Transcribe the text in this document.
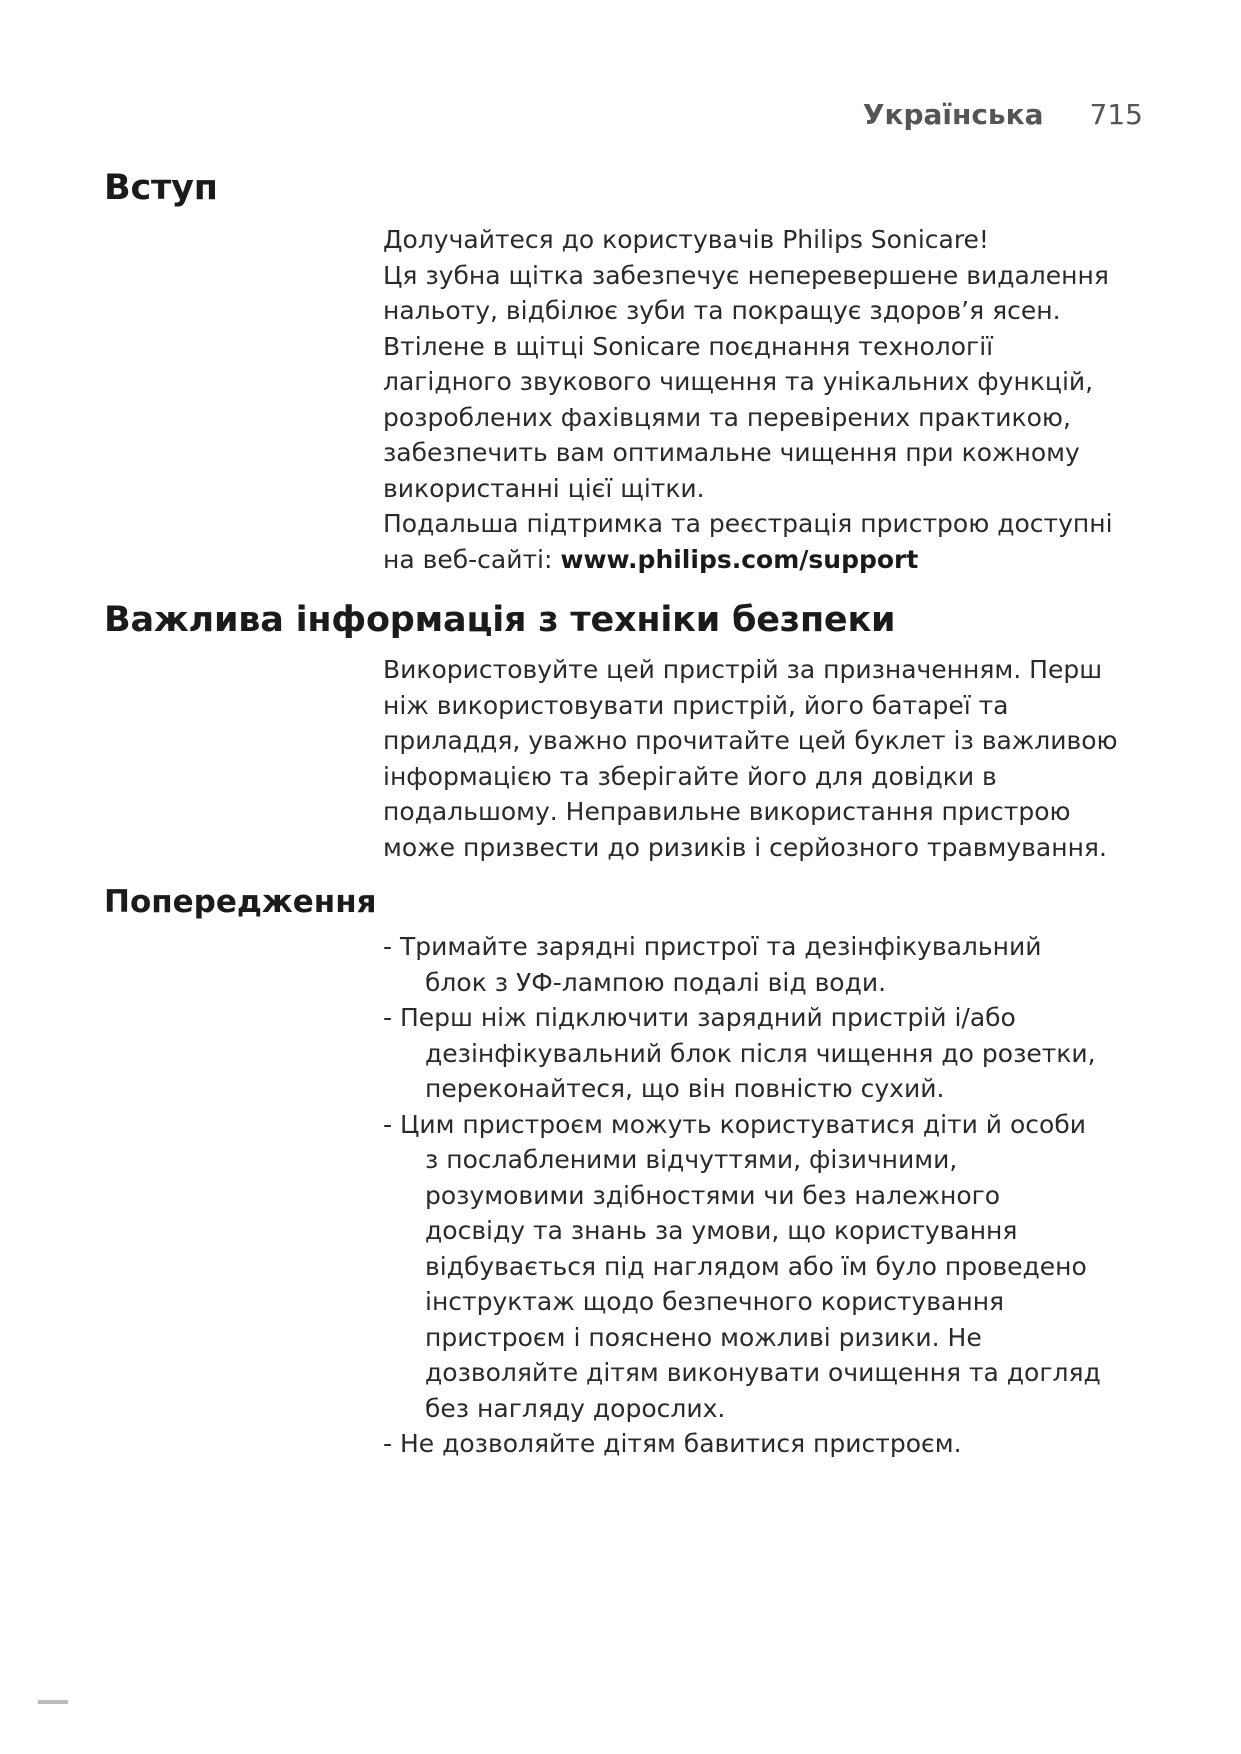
Українська 715
Вступ
Долучайтеся до користувачів Philips Sonicare!
Ця зубна щітка забезпечує неперевершене видалення
нальоту, відбілює зуби та покращує здоров’я ясен.
Втілене в щітці Sonicare поєднання технології
лагідного звукового чищення та унікальних функцій,
розроблених фахівцями та перевірених практикою,
забезпечить вам оптимальне чищення при кожному
використанні цієї щітки.
Подальша підтримка та реєстрація пристрою доступні
на веб-сайті: www.philips.com/support
Важлива інформація з техніки безпеки
Використовуйте цей пристрій за призначенням. Перш
ніж використовувати пристрій, його батареї та
приладдя, уважно прочитайте цей буклет із важливою
інформацією та зберігайте його для довідки в
подальшому. Неправильне використання пристрою
може призвести до ризиків і серйозного травмування.
Попередження
- Тримайте зарядні пристрої та дезінфікувальний
блок з УФ-лампою подалі від води.
- Перш ніж підключити зарядний пристрій і/або
дезінфікувальний блок після чищення до розетки,
переконайтеся, що він повністю сухий.
- Цим пристроєм можуть користуватися діти й особи
з послабленими відчуттями, фізичними,
розумовими здібностями чи без належного
досвіду та знань за умови, що користування
відбувається під наглядом або їм було проведено
інструктаж щодо безпечного користування
пристроєм і пояснено можливі ризики. Не
дозволяйте дітям виконувати очищення та догляд
без нагляду дорослих.
- Не дозволяйте дітям бавитися пристроєм.
